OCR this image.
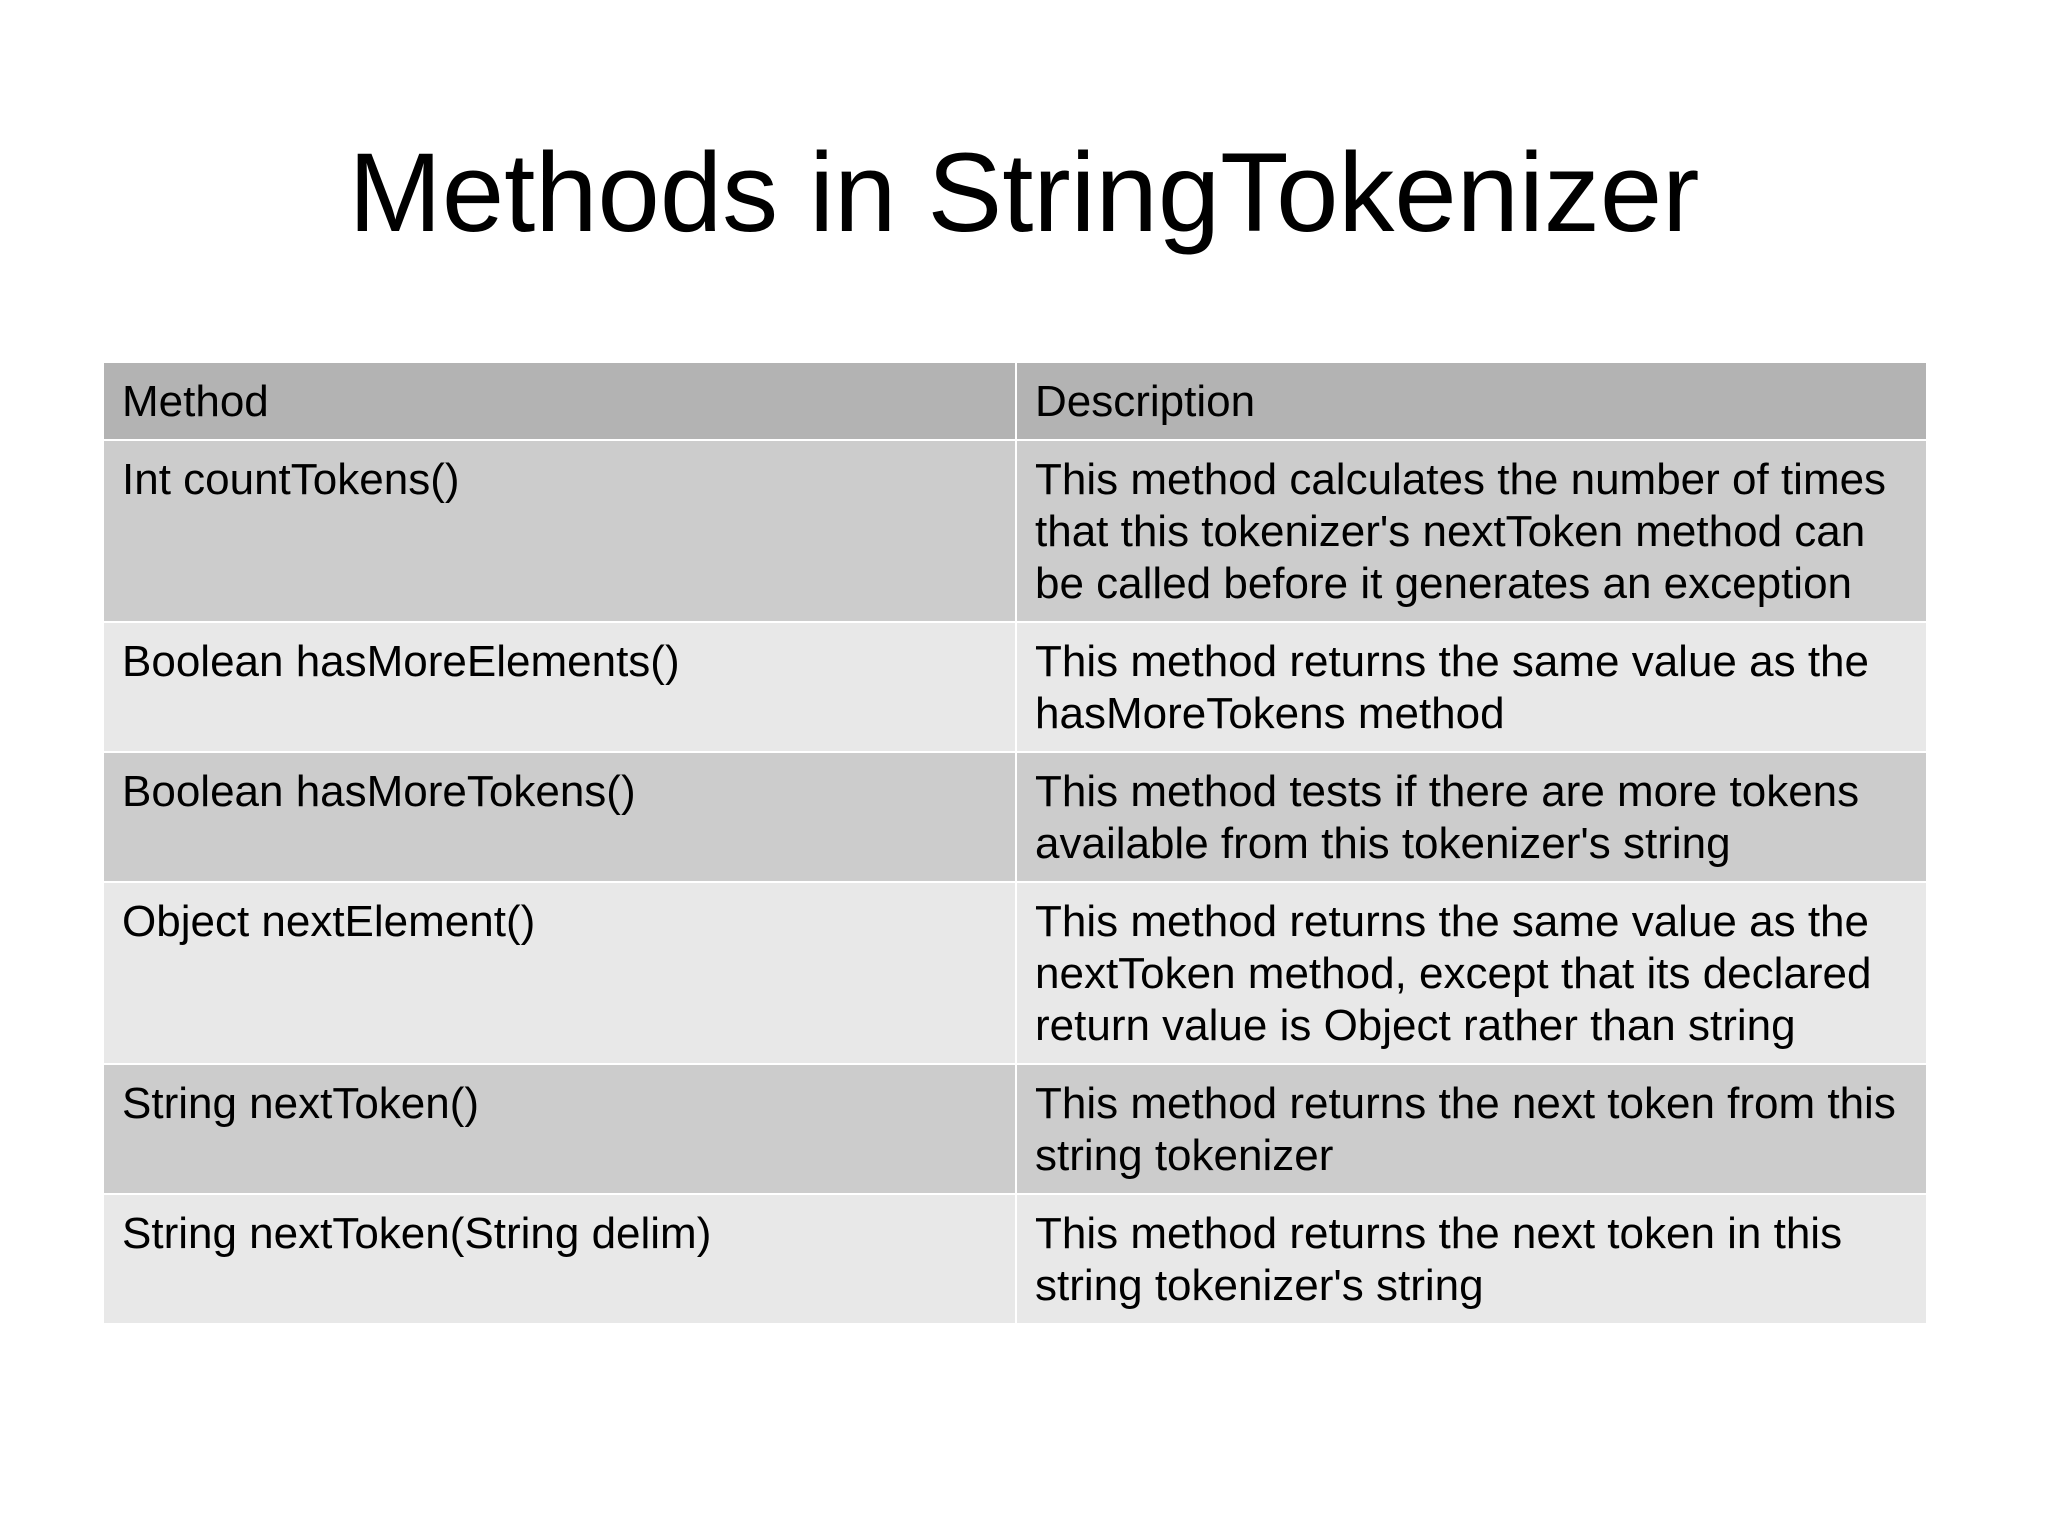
Methods in StringTokenizer
Method	Description
Int countTokens()	This method calculates the number of times that this tokenizer's nextToken method can be called before it generates an exception
Boolean hasMoreElements()	This method returns the same value as the hasMoreTokens method
Boolean hasMoreTokens()	This method tests if there are more tokens available from this tokenizer's string
Object nextElement()	This method returns the same value as the nextToken method, except that its declared return value is Object rather than string
String nextToken()	This method returns the next token from this string tokenizer
String nextToken(String delim)	This method returns the next token in this string tokenizer's string
